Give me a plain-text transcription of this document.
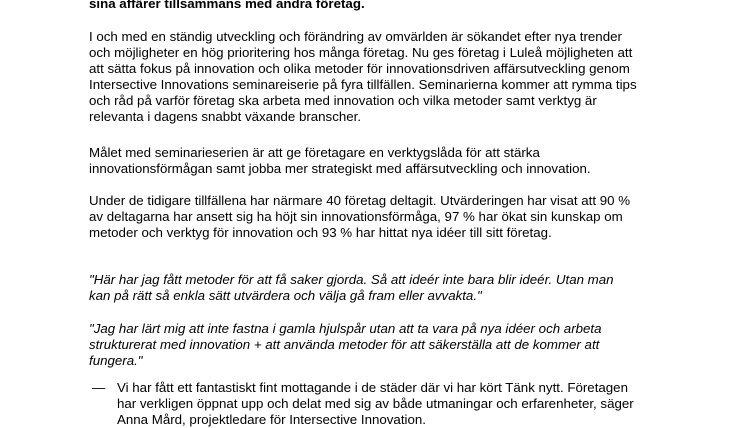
sina affärer tillsammans med andra företag.

I och med en ständig utveckling och förändring av omvärlden är sökandet efter nya trender
och möjligheter en hög prioritering hos många företag. Nu ges företag i Luleå möjligheten att
att sätta fokus på innovation och olika metoder för innovationsdriven affärsutveckling genom
Intersective Innovations seminareiserie på fyra tillfällen. Seminarierna kommer att rymma tips
och råd på varför företag ska arbeta med innovation och vilka metoder samt verktyg är
relevanta i dagens snabbt växande branscher.

Målet med seminarieserien är att ge företagare en verktygslåda för att stärka
innovationsförmågan samt jobba mer strategiskt med affärsutveckling och innovation.

Under de tidigare tillfällena har närmare 40 företag deltagit. Utvärderingen har visat att 90 %
av deltagarna har ansett sig ha höjt sin innovationsförmåga, 97 % har ökat sin kunskap om
metoder och verktyg för innovation och 93 % har hittat nya idéer till sitt företag.

"Här har jag fått metoder för att få saker gjorda. Så att ideér inte bara blir ideér. Utan man
kan på rätt så enkla sätt utvärdera och välja gå fram eller avvakta."

"Jag har lärt mig att inte fastna i gamla hjulspår utan att ta vara på nya idéer och arbeta
strukturerat med innovation + att använda metoder för att säkerställa att de kommer att
fungera."

— Vi har fått ett fantastiskt fint mottagande i de städer där vi har kört Tänk nytt. Företagen
har verkligen öppnat upp och delat med sig av både utmaningar och erfarenheter, säger
Anna Mård, projektledare för Intersective Innovation.
